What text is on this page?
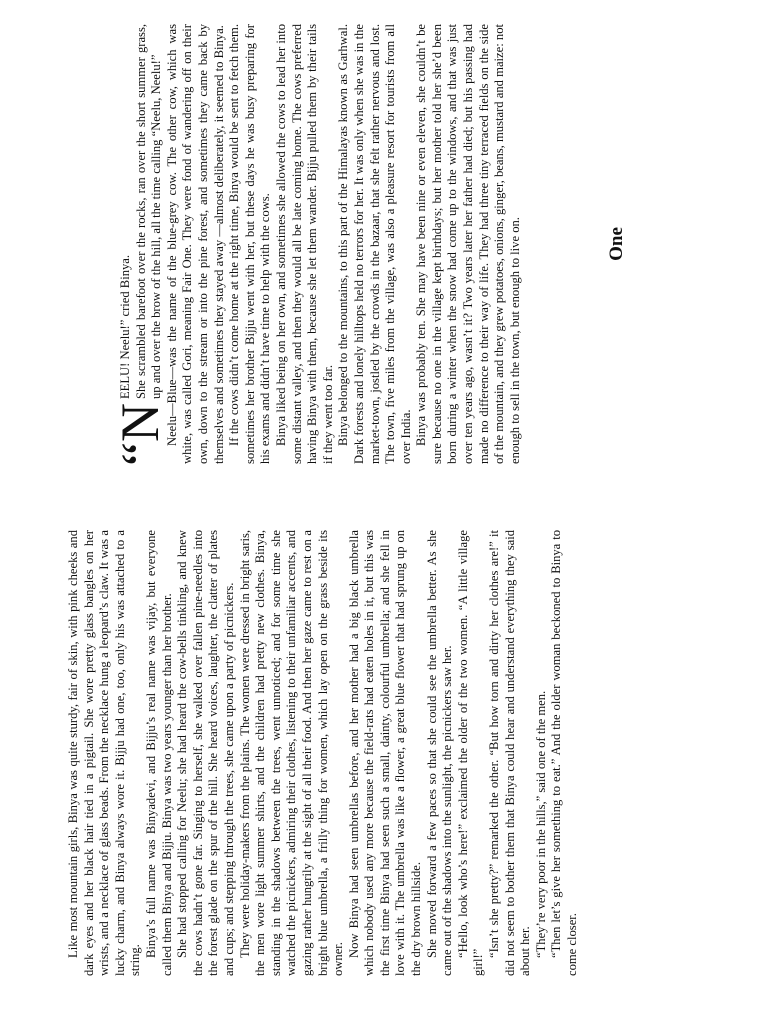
Like most mountain girls, Binya was quite sturdy, fair of skin, with pink cheeks and dark eyes and her black hair tied in a pigtail. She wore pretty glass bangles on her wrists, and a necklace of glass beads. From the necklace hung a leopard’s claw. It was a lucky charm, and Binya always wore it. Bijju had one, too, only his was attached to a string.

Binya’s full name was Binyadevi, and Bijju’s real name was vijay, but everyone called them Binya and Bijju. Binya was two years younger than her brother. She had stopped calling for Neelu; she had heard the cow-bells tinkling, and knew the cows hadn’t gone far. Singing to herself, she walked over fallen pine-needles into the forest glade on the spur of the hill. She heard voices, laughter, the clatter of plates and cups; and stepping through the trees, she came upon a party of picnickers. They were holiday-makers from the plains. The women were dressed in bright saris, the men wore light summer shirts, and the children had pretty new clothes. Binya, standing in the shadows between the trees, went unnoticed; and for some time she watched the picnickers, admiring their clothes, listening to their unfamiliar accents, and gazing rather hungrily at the sight of all their food. And then her gaze came to rest on a bright blue umbrella, a frilly thing for women, which lay open on the grass beside its owner.

Now Binya had seen umbrellas before, and her mother had a big black umbrella which nobody used any more because the field-rats had eaten holes in it, but this was the first time Binya had seen such a small, dainty, colourful umbrella; and she fell in love with it. The umbrella was like a flower, a great blue flower that had sprung up on the dry brown hillside. She moved forward a few paces so that she could see the umbrella better. As she came out of the shadows into the sunlight, the picnickers saw her. “Hello, look who’s here!” exclaimed the older of the two women. “A little village girl!”

“Isn’t she pretty?” remarked the other. “But how torn and dirty her clothes are!” it did not seem to bother them that Binya could hear and understand everything they said about her. “They’re very poor in the hills,” said one of the men. “Then let’s give her something to eat.” And the older woman beckoned to Binya to come closer.

“N

EELU! Neelu!” cried Binya. She scrambled barefoot over the rocks, ran over the short summer grass, up and over the brow of the hill, all the time calling “Neelu, Neelu!” Neelu—Blue—was the name of the blue-grey cow. The other cow, which was white, was called Gori, meaning Fair One. They were fond of wandering off on their own, down to the stream or into the pine forest, and sometimes they came back by themselves and sometimes they stayed away —almost deliberately, it seemed to Binya. If the cows didn’t come home at the right time, Binya would be sent to fetch them. sometimes her brother Bijju went with her, but these days he was busy preparing for his exams and didn’t have time to help with the cows. Binya liked being on her own, and sometimes she allowed the cows to lead her into some distant valley, and then they would all be late coming home. The cows preferred having Binya with them, because she let them wander. Bijju pulled them by their tails if they went too far. Binya belonged to the mountains, to this part of the Himalayas known as Garhwal. Dark forests and lonely hilltops held no terrors for her. It was only when she was in the market-town, jostled by the crowds in the bazaar, that she felt rather nervous and lost. The town, five miles from the village, was also a pleasure resort for tourists from all over India. Binya was probably ten. She may have been nine or even eleven, she couldn’t be sure because no one in the village kept birthdays; but her mother told her she’d been born during a winter when the snow had come up to the windows, and that was just over ten years ago, wasn’t it? Two years later her father had died; but his passing had made no difference to their way of life. They had three tiny terraced fields on the side of the mountain, and they grew potatoes, onions, ginger, beans, mustard and maize: not enough to sell in the town, but enough to live on.	One
